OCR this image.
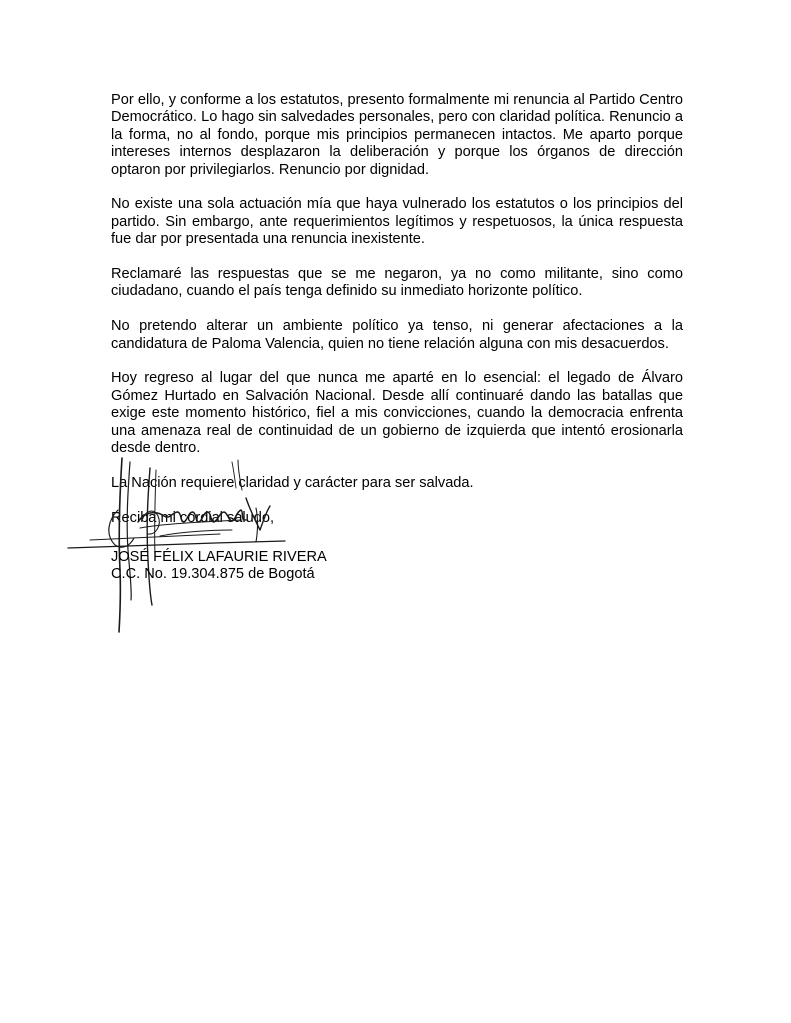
Por ello, y conforme a los estatutos, presento formalmente mi renuncia al Partido Centro Democrático. Lo hago sin salvedades personales, pero con claridad política. Renuncio a la forma, no al fondo, porque mis principios permanecen intactos. Me aparto porque intereses internos desplazaron la deliberación y porque los órganos de dirección optaron por privilegiarlos. Renuncio por dignidad.

No existe una sola actuación mía que haya vulnerado los estatutos o los principios del partido. Sin embargo, ante requerimientos legítimos y respetuosos, la única respuesta fue dar por presentada una renuncia inexistente.

Reclamaré las respuestas que se me negaron, ya no como militante, sino como ciudadano, cuando el país tenga definido su inmediato horizonte político.

No pretendo alterar un ambiente político ya tenso, ni generar afectaciones a la candidatura de Paloma Valencia, quien no tiene relación alguna con mis desacuerdos.

Hoy regreso al lugar del que nunca me aparté en lo esencial: el legado de Álvaro Gómez Hurtado en Salvación Nacional. Desde allí continuaré dando las batallas que exige este momento histórico, fiel a mis convicciones, cuando la democracia enfrenta una amenaza real de continuidad de un gobierno de izquierda que intentó erosionarla desde dentro.

La Nación requiere claridad y carácter para ser salvada.

Reciba mi cordial saludo,

JOSÉ FÉLIX LAFAURIE RIVERA
C.C. No. 19.304.875 de Bogotá
